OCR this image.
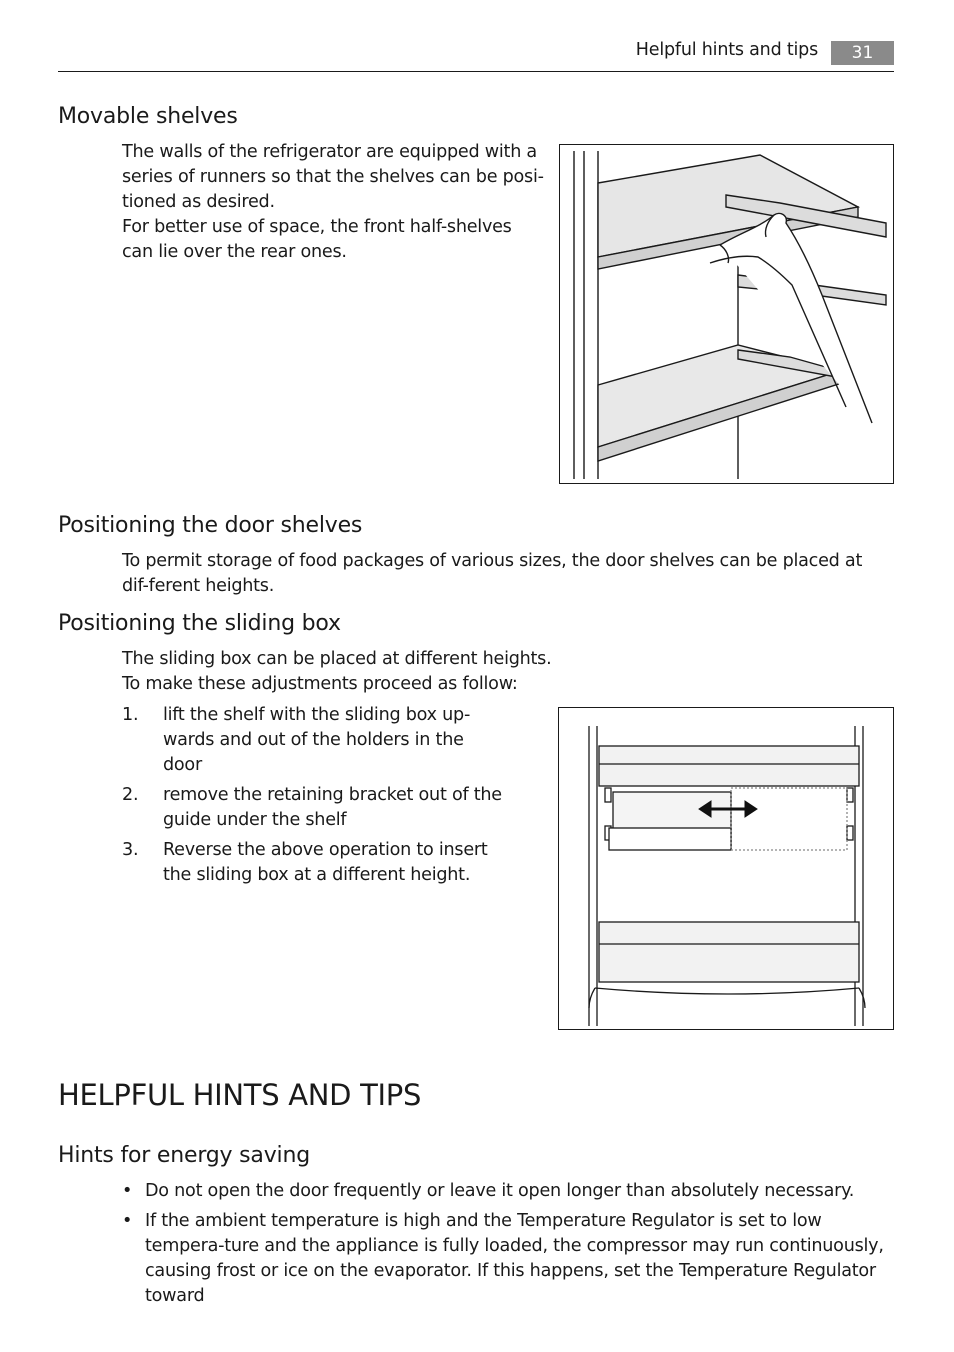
Helpful hints and tips	31
Movable shelves

The walls of the refrigerator are equipped with a series of runners so that the shelves can be posi-tioned as desired.

For better use of space, the front half-shelves can lie over the rear ones.

Positioning the door shelves
To permit storage of food packages of various sizes, the door shelves can be placed at dif-ferent heights.
Positioning the sliding box

The sliding box can be placed at different heights.

To make these adjustments proceed as follow:

1. lift the shelf with the sliding box up-wards and out of the holders in the door
2. remove the retaining bracket out of the guide under the shelf
3. Reverse the above operation to insert the sliding box at a different height.
HELPFUL HINTS AND TIPS
Hints for energy saving
• Do not open the door frequently or leave it open longer than absolutely necessary.
• If the ambient temperature is high and the Temperature Regulator is set to low tempera-ture and the appliance is fully loaded, the compressor may run continuously, causing frost or ice on the evaporator. If this happens, set the Temperature Regulator toward
